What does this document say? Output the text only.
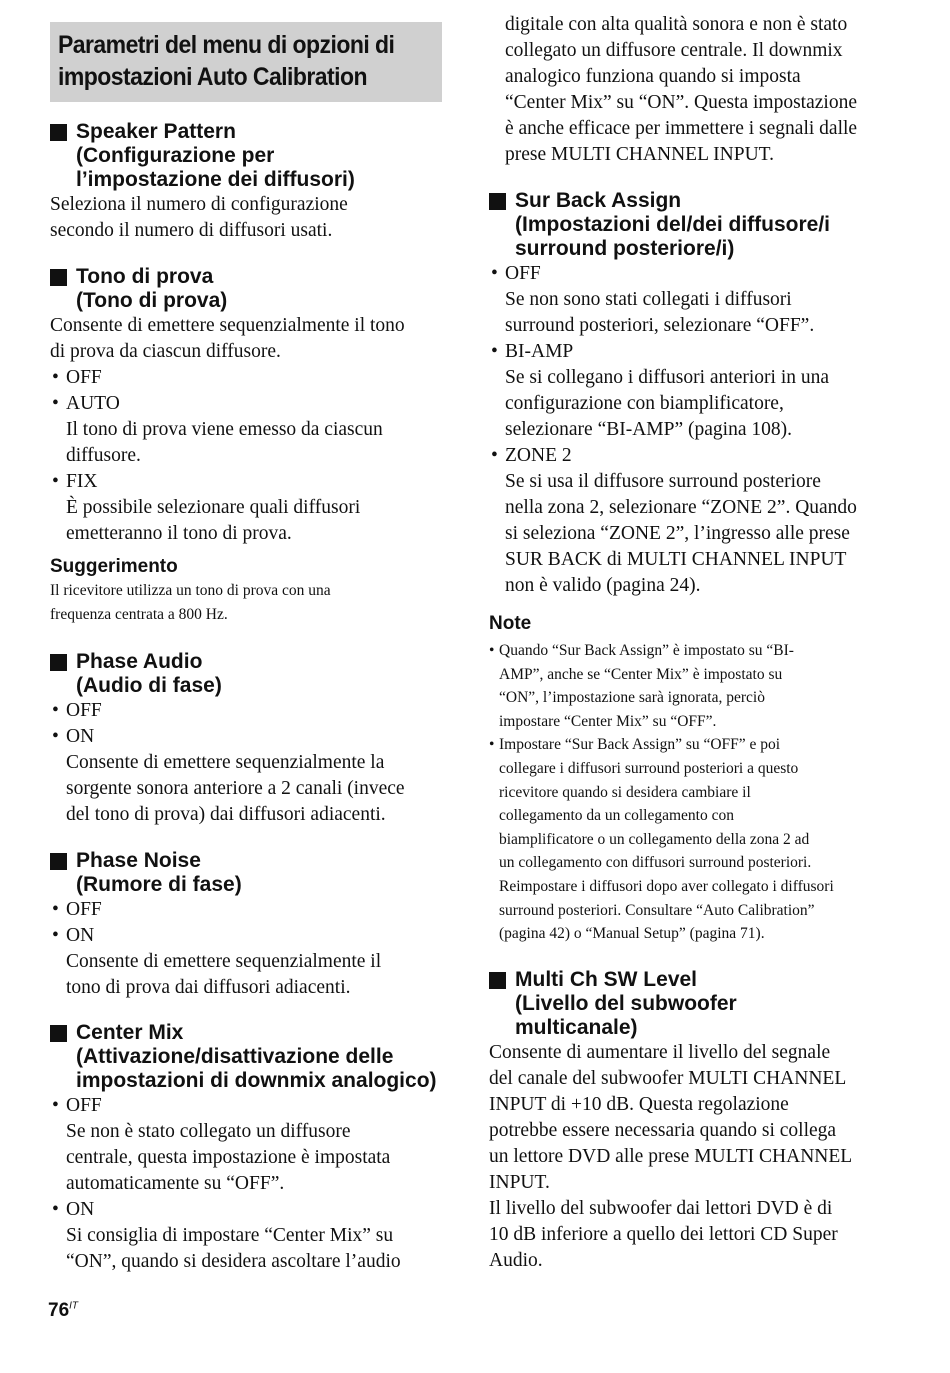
Parametri del menu di opzioni di
impostazioni Auto Calibration
Speaker Pattern
(Configurazione per
l’impostazione dei diffusori)
Seleziona il numero di configurazione
secondo il numero di diffusori usati.
Tono di prova
(Tono di prova)
Consente di emettere sequenzialmente il tono
di prova da ciascun diffusore.
• OFF
• AUTO
Il tono di prova viene emesso da ciascun
diffusore.
• FIX
È possibile selezionare quali diffusori
emetteranno il tono di prova.
Suggerimento
Il ricevitore utilizza un tono di prova con una
frequenza centrata a 800 Hz.
Phase Audio
(Audio di fase)
• OFF
• ON
Consente di emettere sequenzialmente la
sorgente sonora anteriore a 2 canali (invece
del tono di prova) dai diffusori adiacenti.
Phase Noise
(Rumore di fase)
• OFF
• ON
Consente di emettere sequenzialmente il
tono di prova dai diffusori adiacenti.
Center Mix
(Attivazione/disattivazione delle
impostazioni di downmix analogico)
• OFF
Se non è stato collegato un diffusore
centrale, questa impostazione è impostata
automaticamente su “OFF”.
• ON
Si consiglia di impostare “Center Mix” su
“ON”, quando si desidera ascoltare l’audio
digitale con alta qualità sonora e non è stato
collegato un diffusore centrale. Il downmix
analogico funziona quando si imposta
“Center Mix” su “ON”. Questa impostazione
è anche efficace per immettere i segnali dalle
prese MULTI CHANNEL INPUT.
Sur Back Assign
(Impostazioni del/dei diffusore/i
surround posteriore/i)
• OFF
Se non sono stati collegati i diffusori
surround posteriori, selezionare “OFF”.
• BI-AMP
Se si collegano i diffusori anteriori in una
configurazione con biamplificatore,
selezionare “BI-AMP” (pagina 108).
• ZONE 2
Se si usa il diffusore surround posteriore
nella zona 2, selezionare “ZONE 2”. Quando
si seleziona “ZONE 2”, l’ingresso alle prese
SUR BACK di MULTI CHANNEL INPUT
non è valido (pagina 24).
Note
• Quando “Sur Back Assign” è impostato su “BI-
AMP”, anche se “Center Mix” è impostato su
“ON”, l’impostazione sarà ignorata, perciò
impostare “Center Mix” su “OFF”.
• Impostare “Sur Back Assign” su “OFF” e poi
collegare i diffusori surround posteriori a questo
ricevitore quando si desidera cambiare il
collegamento da un collegamento con
biamplificatore o un collegamento della zona 2 ad
un collegamento con diffusori surround posteriori.
Reimpostare i diffusori dopo aver collegato i diffusori
surround posteriori. Consultare “Auto Calibration”
(pagina 42) o “Manual Setup” (pagina 71).
Multi Ch SW Level
(Livello del subwoofer
multicanale)
Consente di aumentare il livello del segnale
del canale del subwoofer MULTI CHANNEL
INPUT di +10 dB. Questa regolazione
potrebbe essere necessaria quando si collega
un lettore DVD alle prese MULTI CHANNEL
INPUT.
Il livello del subwoofer dai lettori DVD è di
10 dB inferiore a quello dei lettori CD Super
Audio.
$76^{IT}$
